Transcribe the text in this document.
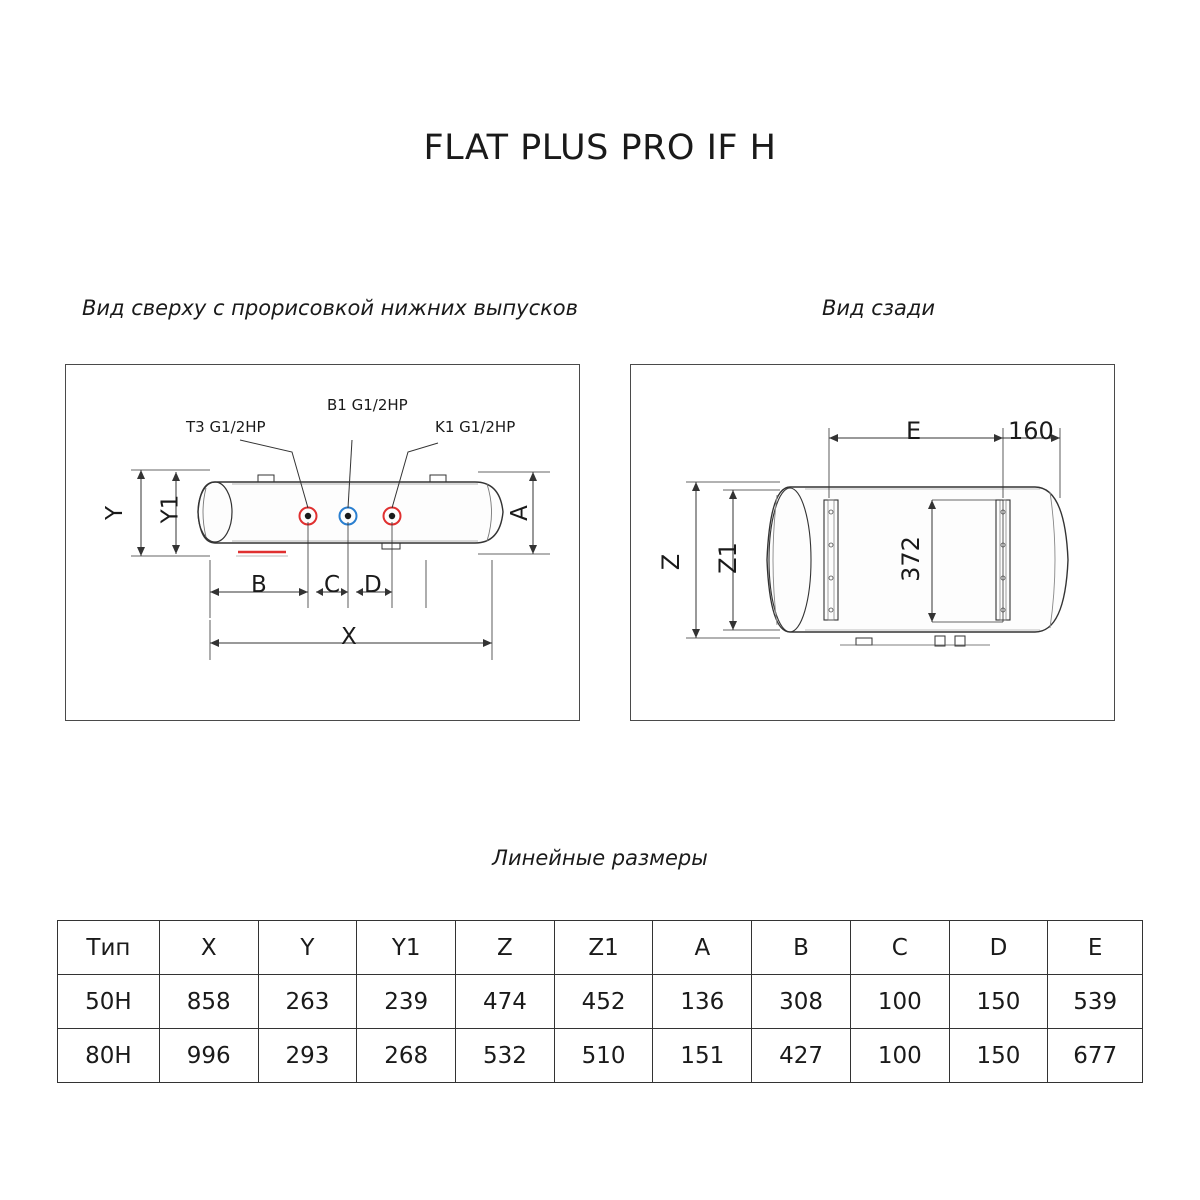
FLAT PLUS PRO IF H
Вид сверху с прорисовкой нижних выпусков	Вид сзади
T3 G1/2HP
B1 G1/2HP
K1 G1/2HP
Y Y1	A
B C D
X
E	160
Z Z1	372
Линейные размеры
Тип	X	Y	Y1	Z	Z1	A	B	C	D	E
50H	858	263	239	474	452	136	308	100	150	539
80H	996	293	268	532	510	151	427	100	150	677
